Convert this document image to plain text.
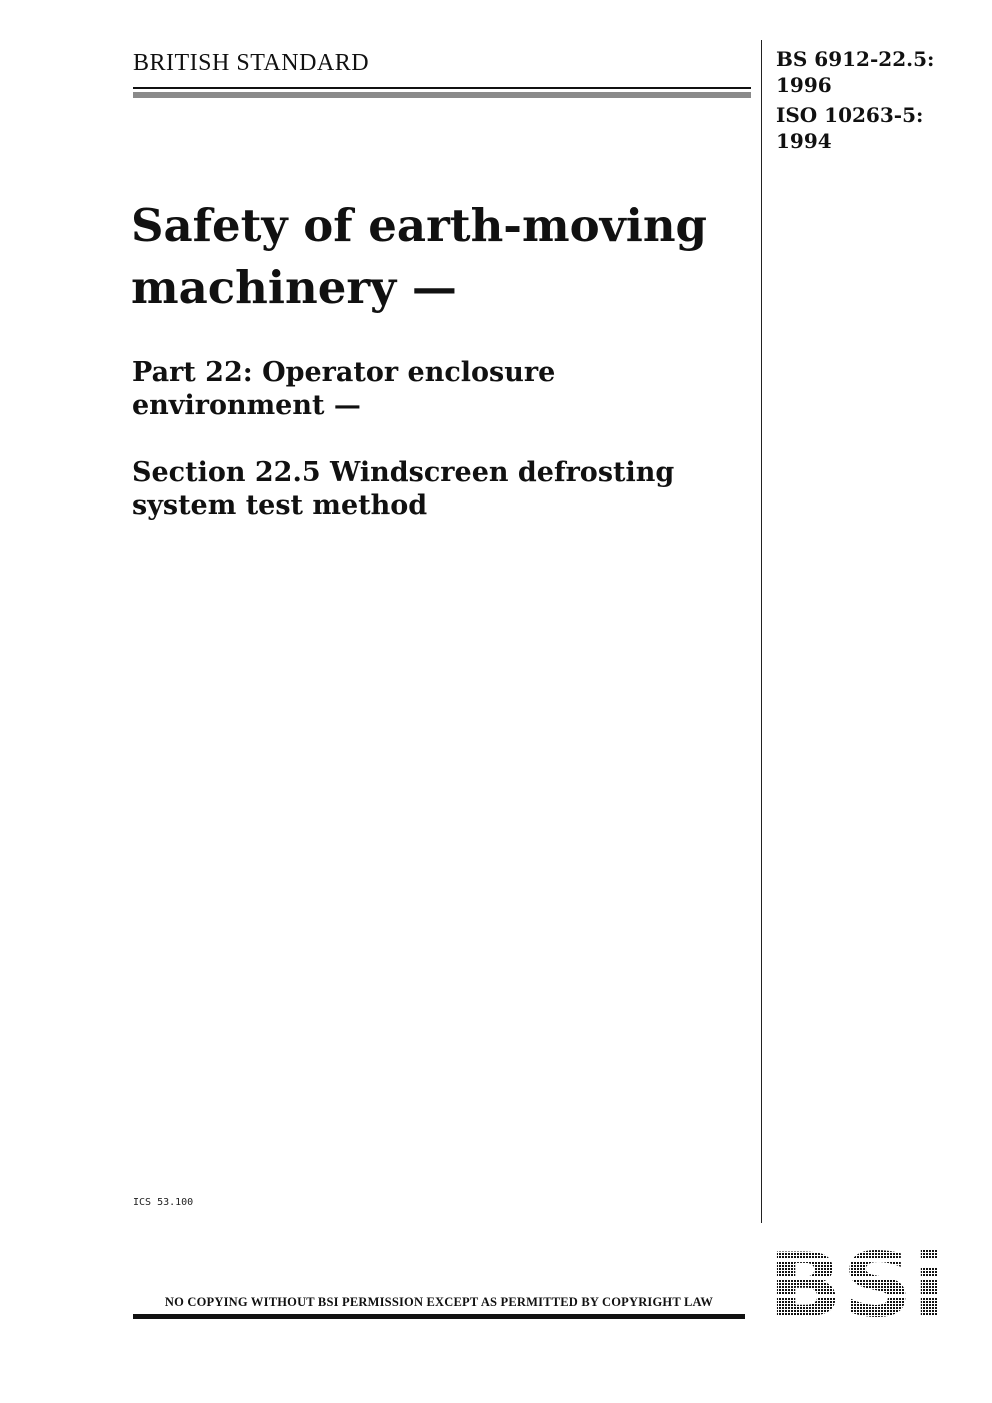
BRITISH STANDARD	BS 6912-22.5:
1996
ISO 10263-5:
1994
Safety of earth-moving
machinery —
Part 22: Operator enclosure
environment —
Section 22.5 Windscreen defrosting
system test method
ICS 53.100
NO COPYING WITHOUT BSI PERMISSION EXCEPT AS PERMITTED BY COPYRIGHT LAW
